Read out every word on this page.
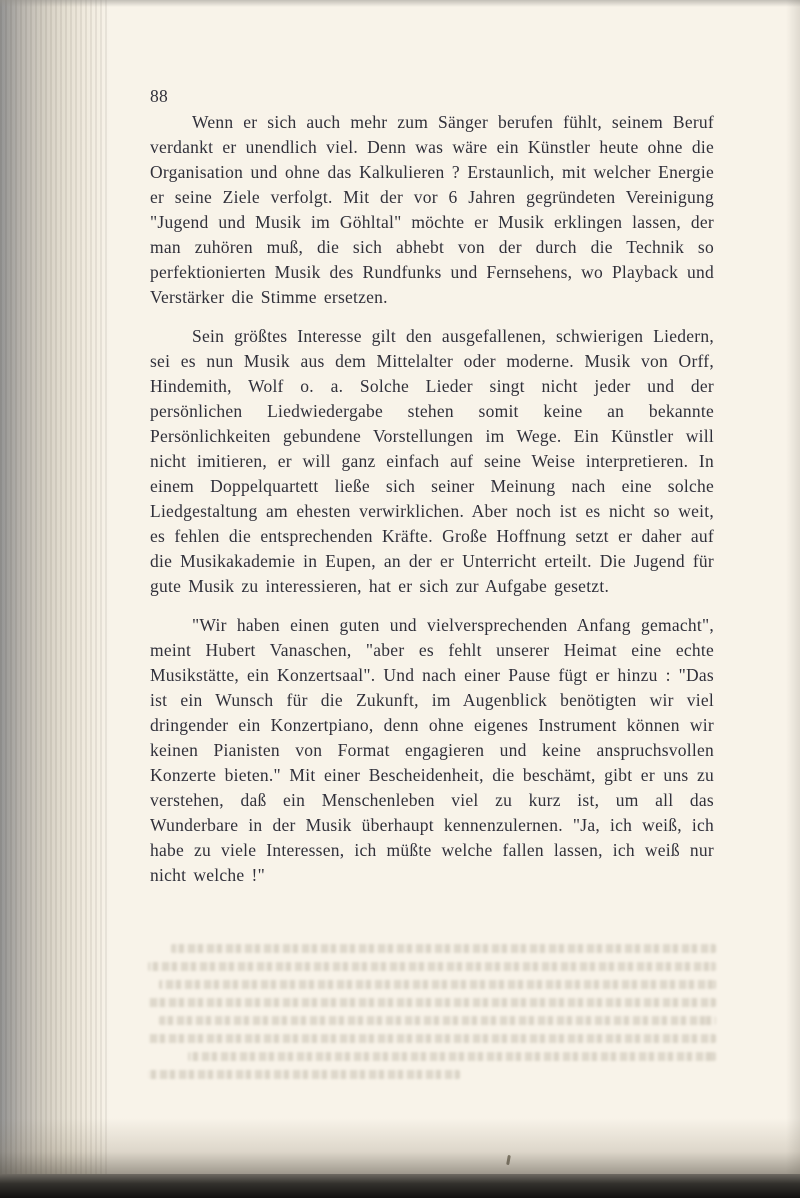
88

Wenn er sich auch mehr zum Sänger berufen fühlt, seinem Beruf verdankt er unendlich viel. Denn was wäre ein Künstler heute ohne die Organisation und ohne das Kalkulieren ? Erstaunlich, mit welcher Energie er seine Ziele verfolgt. Mit der vor 6 Jahren gegründeten Vereinigung "Jugend und Musik im Göhltal" möchte er Musik erklingen lassen, der man zuhören muß, die sich abhebt von der durch die Technik so perfektionierten Musik des Rundfunks und Fernsehens, wo Playback und Verstärker die Stimme ersetzen.

Sein größtes Interesse gilt den ausgefallenen, schwierigen Liedern, sei es nun Musik aus dem Mittelalter oder moderne. Musik von Orff, Hindemith, Wolf o. a. Solche Lieder singt nicht jeder und der persönlichen Liedwiedergabe stehen somit keine an bekannte Persönlichkeiten gebundene Vorstellungen im Wege. Ein Künstler will nicht imitieren, er will ganz einfach auf seine Weise interpretieren. In einem Doppelquartett ließe sich seiner Meinung nach eine solche Liedgestaltung am ehesten verwirklichen. Aber noch ist es nicht so weit, es fehlen die entsprechenden Kräfte. Große Hoffnung setzt er daher auf die Musikakademie in Eupen, an der er Unterricht erteilt. Die Jugend für gute Musik zu interessieren, hat er sich zur Aufgabe gesetzt.

"Wir haben einen guten und vielversprechenden Anfang gemacht", meint Hubert Vanaschen, "aber es fehlt unserer Heimat eine echte Musikstätte, ein Konzertsaal". Und nach einer Pause fügt er hinzu : "Das ist ein Wunsch für die Zukunft, im Augenblick benötigten wir viel dringender ein Konzertpiano, denn ohne eigenes Instrument können wir keinen Pianisten von Format engagieren und keine anspruchsvollen Konzerte bieten." Mit einer Bescheidenheit, die beschämt, gibt er uns zu verstehen, daß ein Menschenleben viel zu kurz ist, um all das Wunderbare in der Musik überhaupt kennenzulernen. "Ja, ich weiß, ich habe zu viele Interessen, ich müßte welche fallen lassen, ich weiß nur nicht welche !"
